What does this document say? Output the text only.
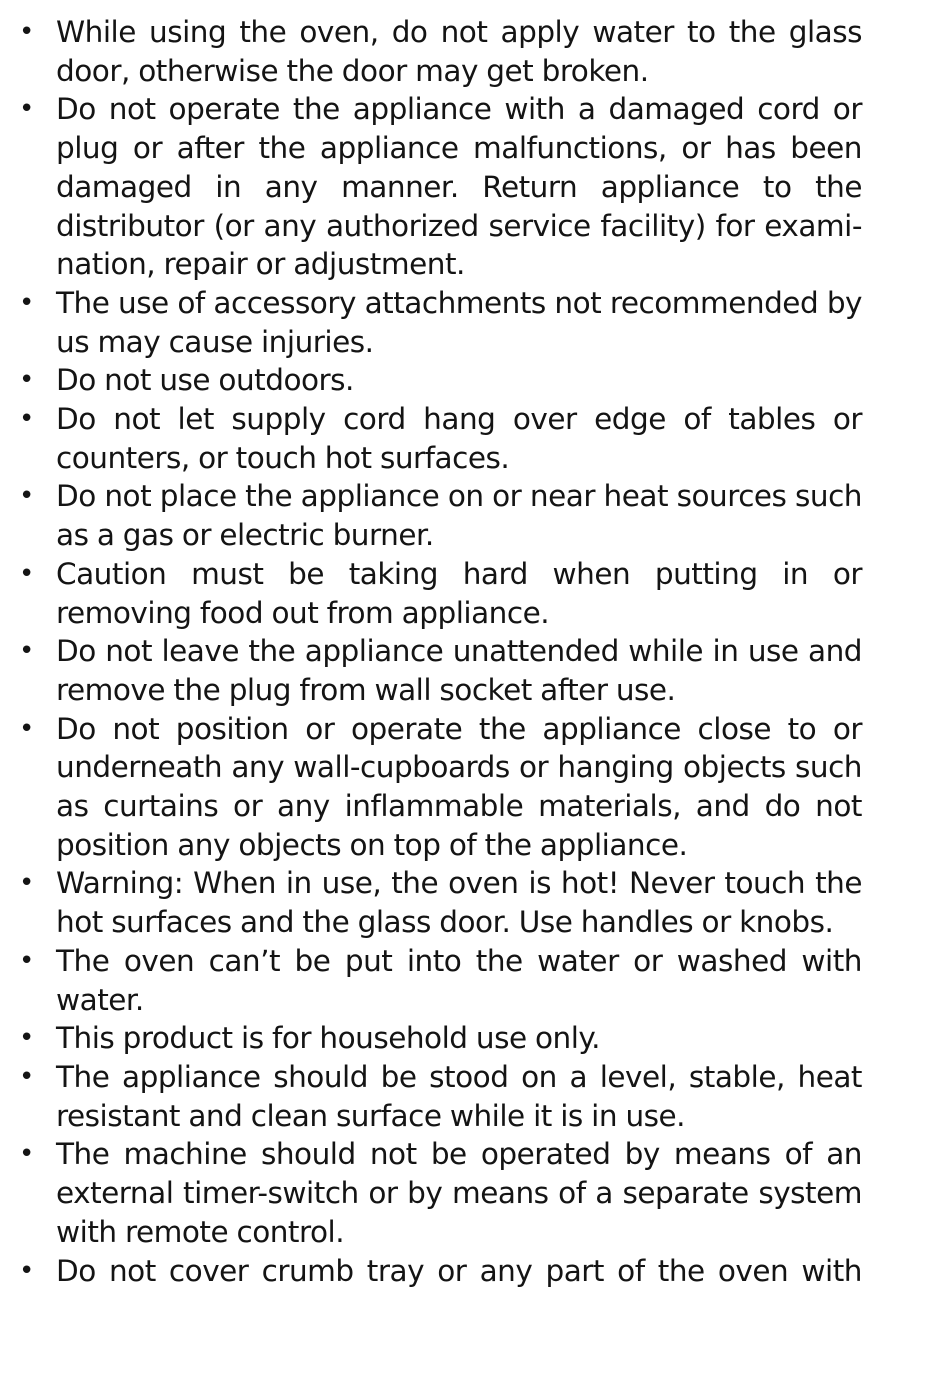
• While using the oven, do not apply water to the glass door, otherwise the door may get broken.
• Do not operate the appliance with a damaged cord or plug or after the appliance malfunctions, or has been damaged in any manner. Return appliance to the distributor (or any authorized service facility) for exami-nation, repair or adjustment.
• The use of accessory attachments not recommended by us may cause injuries.
• Do not use outdoors.
• Do not let supply cord hang over edge of tables or counters, or touch hot surfaces.
• Do not place the appliance on or near heat sources such as a gas or electric burner.
• Caution must be taking hard when putting in or removing food out from appliance.
• Do not leave the appliance unattended while in use and remove the plug from wall socket after use.
• Do not position or operate the appliance close to or underneath any wall-cupboards or hanging objects such as curtains or any inflammable materials, and do not position any objects on top of the appliance.
• Warning: When in use, the oven is hot! Never touch the hot surfaces and the glass door. Use handles or knobs.
• The oven can’t be put into the water or washed with water.
• This product is for household use only.
• The appliance should be stood on a level, stable, heat resistant and clean surface while it is in use.
• The machine should not be operated by means of an external timer-switch or by means of a separate system with remote control.
• Do not cover crumb tray or any part of the oven with
